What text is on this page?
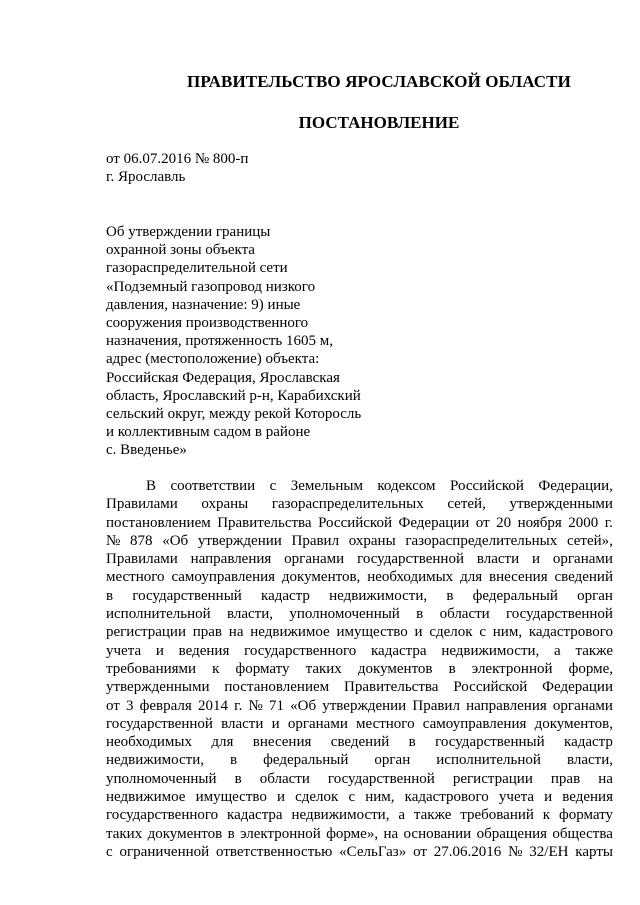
ПРАВИТЕЛЬСТВО ЯРОСЛАВСКОЙ ОБЛАСТИ
ПОСТАНОВЛЕНИЕ
от 06.07.2016 № 800-п
г. Ярославль
Об утверждении границы
охранной зоны объекта
газораспределительной сети
«Подземный газопровод низкого
давления, назначение: 9) иные
сооружения производственного
назначения, протяженность 1605 м,
адрес (местоположение) объекта:
Российская Федерация, Ярославская
область, Ярославский р-н, Карабихский
сельский округ, между рекой Которосль
и коллективным садом в районе
с. Введенье»
В соответствии с Земельным кодексом Российской Федерации,
Правилами охраны газораспределительных сетей, утвержденными
постановлением Правительства Российской Федерации от 20 ноября 2000 г.
№ 878 «Об утверждении Правил охраны газораспределительных сетей»,
Правилами направления органами государственной власти и органами
местного самоуправления документов, необходимых для внесения сведений
в государственный кадастр недвижимости, в федеральный орган
исполнительной власти, уполномоченный в области государственной
регистрации прав на недвижимое имущество и сделок с ним, кадастрового
учета и ведения государственного кадастра недвижимости, а также
требованиями к формату таких документов в электронной форме,
утвержденными постановлением Правительства Российской Федерации
от 3 февраля 2014 г. № 71 «Об утверждении Правил направления органами
государственной власти и органами местного самоуправления документов,
необходимых для внесения сведений в государственный кадастр
недвижимости, в федеральный орган исполнительной власти,
уполномоченный в области государственной регистрации прав на
недвижимое имущество и сделок с ним, кадастрового учета и ведения
государственного кадастра недвижимости, а также требований к формату
таких документов в электронной форме», на основании обращения общества
с ограниченной ответственностью «СельГаз» от 27.06.2016 № 32/ЕН карты
